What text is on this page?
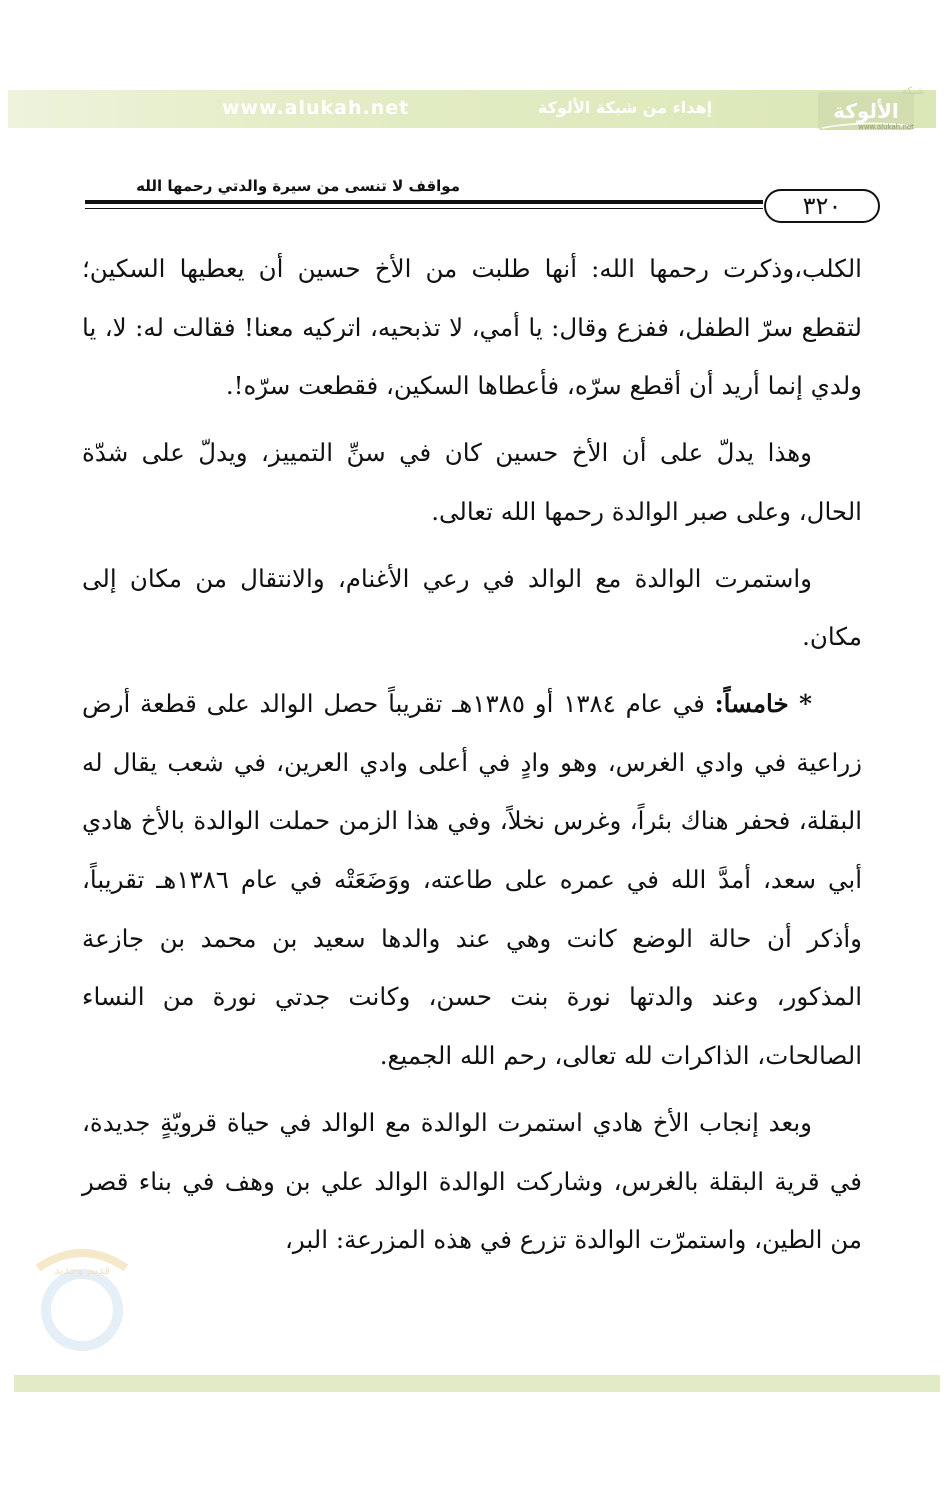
www.alukah.net	إهداء من شبكة الألوكة
شبكة
الألوكة
www.alukah.net
مواقف لا تنسى من سيرة والدتي رحمها الله
٣٢٠

الكلب،وذكرت رحمها الله: أنها طلبت من الأخ حسين أن يعطيها السكين؛ لتقطع سرّ الطفل، ففزع وقال: يا أمي، لا تذبحيه، اتركيه معنا! فقالت له: لا، يا ولدي إنما أريد أن أقطع سرّه، فأعطاها السكين، فقطعت سرّه!.

وهذا يدلّ على أن الأخ حسين كان في سنِّ التمييز، ويدلّ على شدّة الحال، وعلى صبر الوالدة رحمها الله تعالى.

واستمرت الوالدة مع الوالد في رعي الأغنام، والانتقال من مكان إلى مكان.

* خامساً: في عام ١٣٨٤ أو ١٣٨٥هـ تقريباً حصل الوالد على قطعة أرض زراعية في وادي الغرس، وهو وادٍ في أعلى وادي العرين، في شعب يقال له البقلة، فحفر هناك بئراً، وغرس نخلاً، وفي هذا الزمن حملت الوالدة بالأخ هادي أبي سعد، أمدَّ الله في عمره على طاعته، ووَضَعَتْه في عام ١٣٨٦هـ تقريباً، وأذكر أن حالة الوضع كانت وهي عند والدها سعيد بن محمد بن جازعة المذكور، وعند والدتها نورة بنت حسن، وكانت جدتي نورة من النساء الصالحات، الذاكرات لله تعالى، رحم الله الجميع.

وبعد إنجاب الأخ هادي استمرت الوالدة مع الوالد في حياة قرويّةٍ جديدة، في قرية البقلة بالغرس، وشاركت الوالدة الوالد علي بن وهف في بناء قصر من الطين، واستمرّت الوالدة تزرع في هذه المزرعة: البر،

قديم وجديد
